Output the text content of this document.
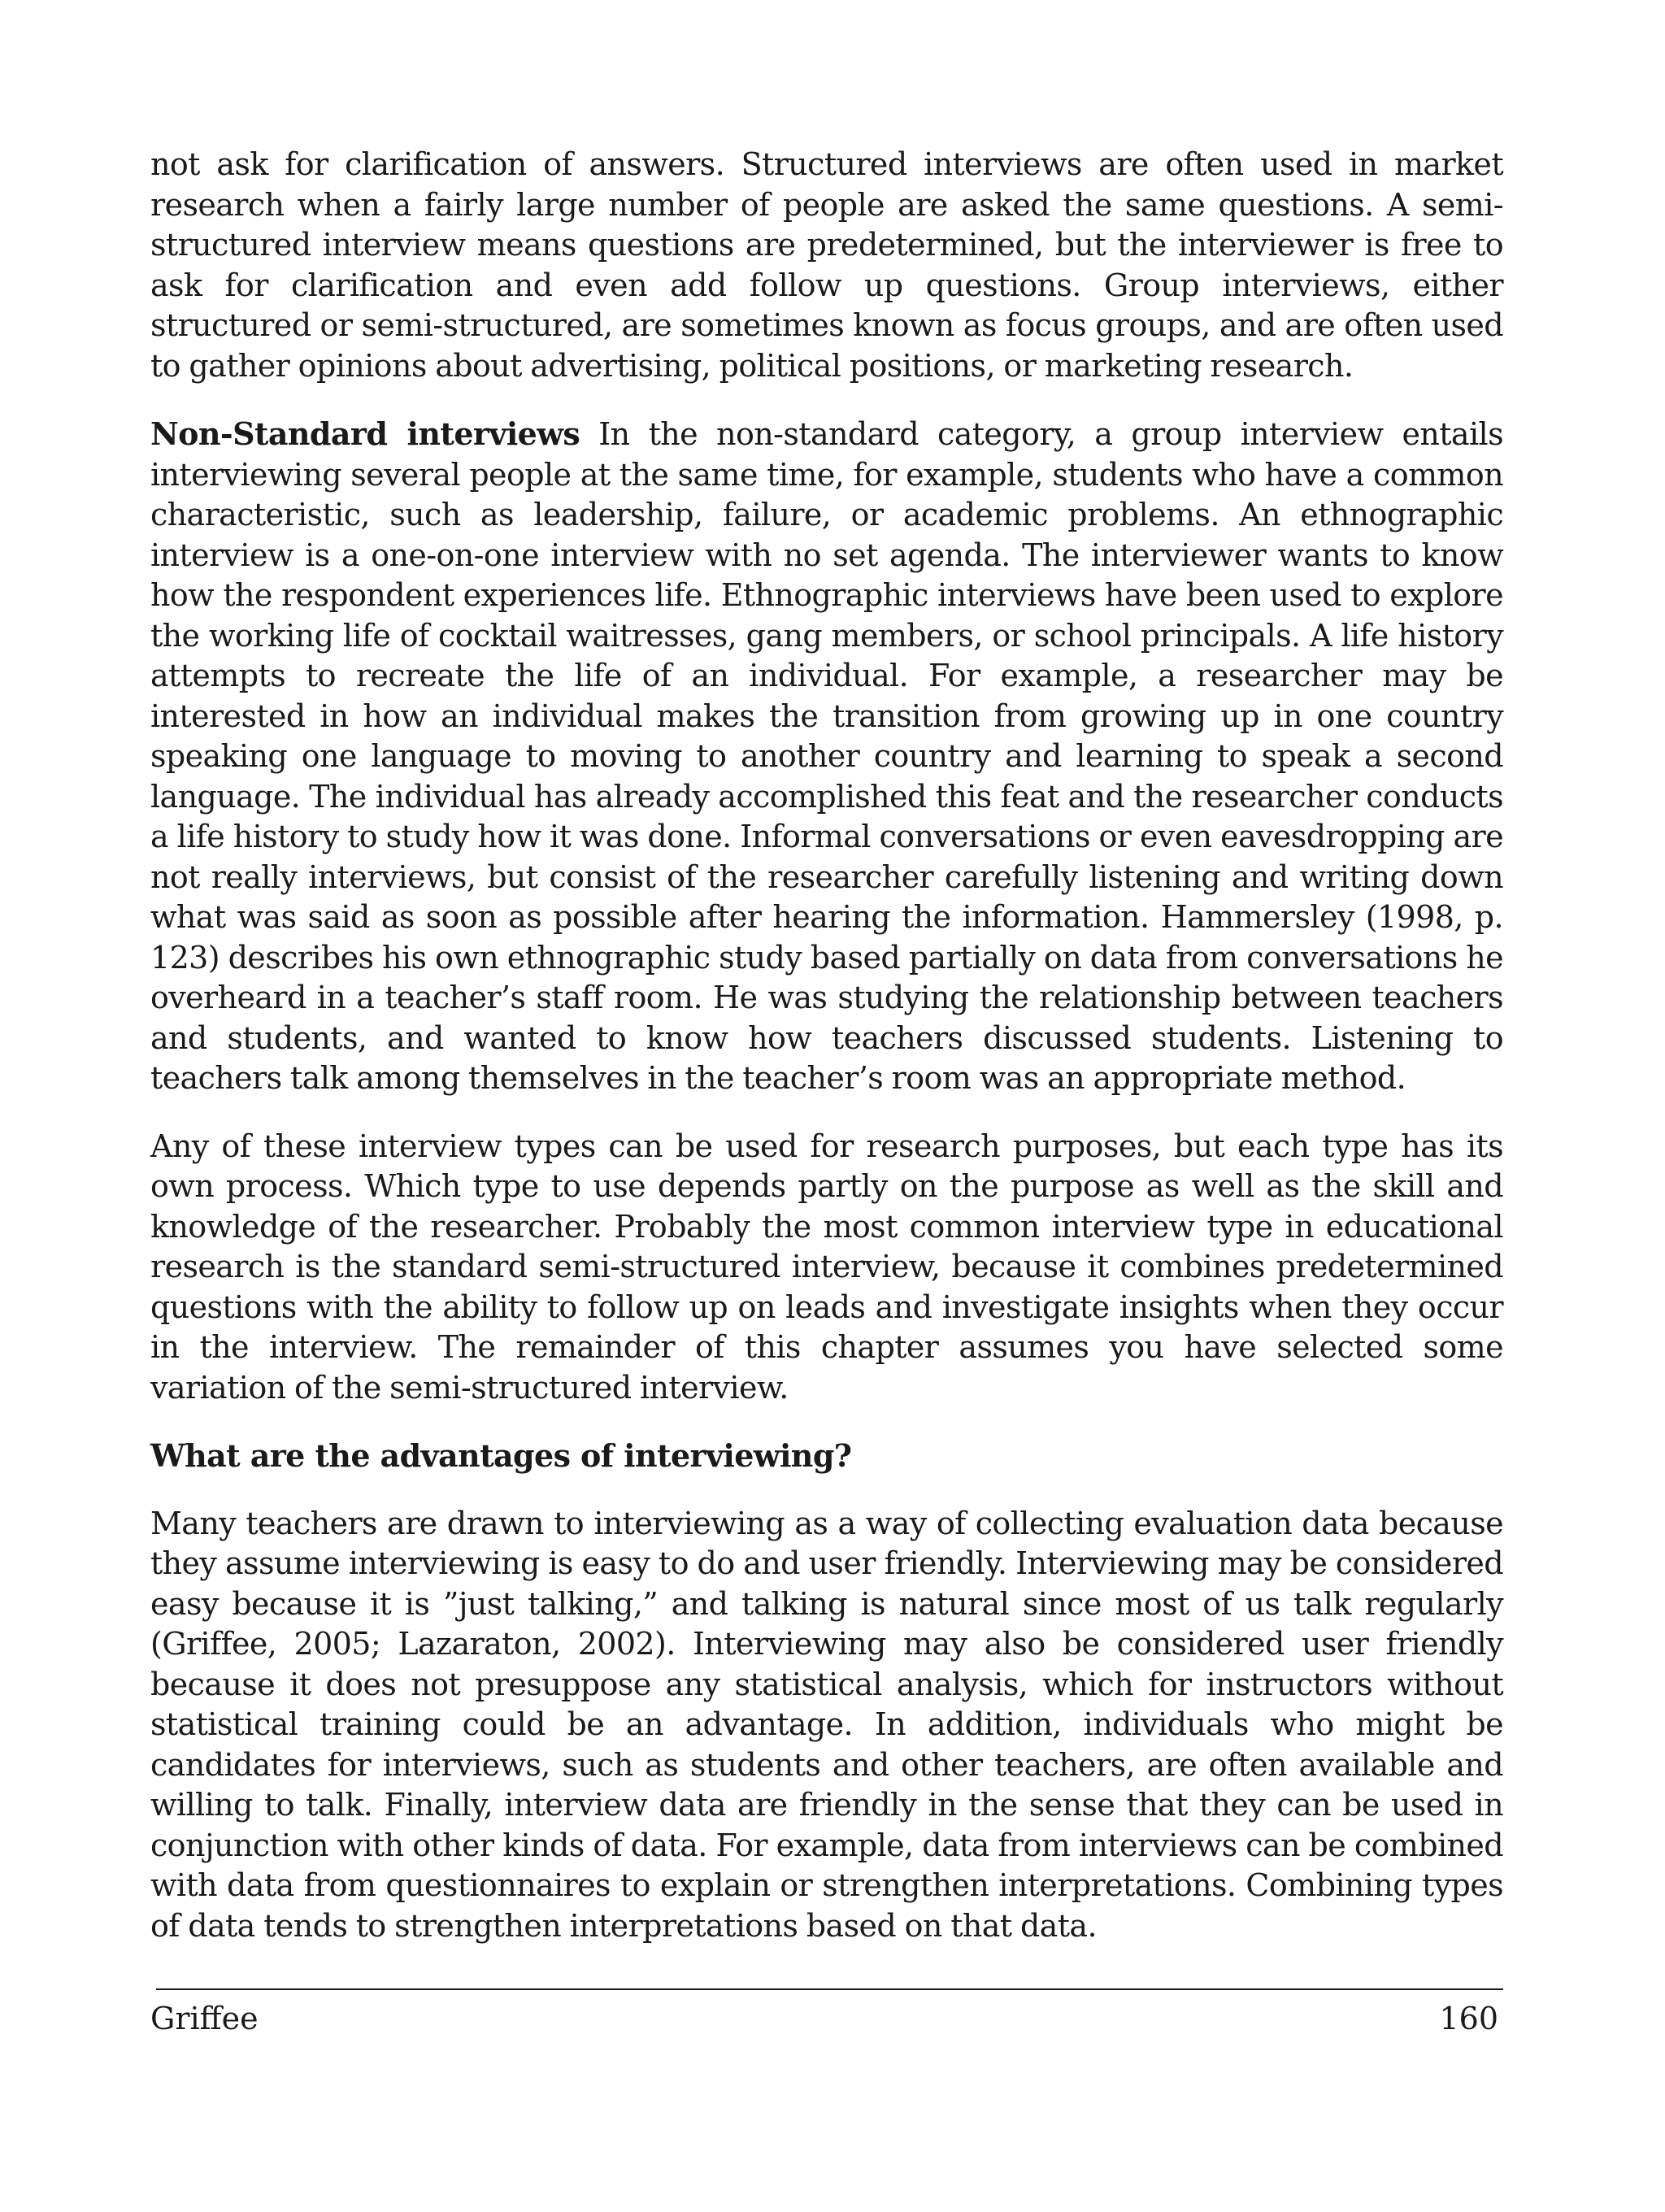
not ask for clarification of answers. Structured interviews are often used in market research when a fairly large number of people are asked the same questions. A semi-structured interview means questions are predetermined, but the interviewer is free to ask for clarification and even add follow up questions. Group interviews, either structured or semi-structured, are sometimes known as focus groups, and are often used to gather opinions about advertising, political positions, or marketing research.

Non-Standard interviews In the non-standard category, a group interview entails interviewing several people at the same time, for example, students who have a common characteristic, such as leadership, failure, or academic problems. An ethnographic interview is a one-on-one interview with no set agenda. The interviewer wants to know how the respondent experiences life. Ethnographic interviews have been used to explore the working life of cocktail waitresses, gang members, or school principals. A life history attempts to recreate the life of an individual. For example, a researcher may be interested in how an individual makes the transition from growing up in one country speaking one language to moving to another country and learning to speak a second language. The individual has already accomplished this feat and the researcher conducts a life history to study how it was done. Informal conversations or even eavesdropping are not really interviews, but consist of the researcher carefully listening and writing down what was said as soon as possible after hearing the information. Hammersley (1998, p. 123) describes his own ethnographic study based partially on data from conversations he overheard in a teacher’s staff room. He was studying the relationship between teachers and students, and wanted to know how teachers discussed students. Listening to teachers talk among themselves in the teacher’s room was an appropriate method.

Any of these interview types can be used for research purposes, but each type has its own process. Which type to use depends partly on the purpose as well as the skill and knowledge of the researcher. Probably the most common interview type in educational research is the standard semi-structured interview, because it combines predetermined questions with the ability to follow up on leads and investigate insights when they occur in the interview. The remainder of this chapter assumes you have selected some variation of the semi-structured interview.

What are the advantages of interviewing?

Many teachers are drawn to interviewing as a way of collecting evaluation data because they assume interviewing is easy to do and user friendly. Interviewing may be considered easy because it is ”just talking,” and talking is natural since most of us talk regularly (Griffee, 2005; Lazaraton, 2002). Interviewing may also be considered user friendly because it does not presuppose any statistical analysis, which for instructors without statistical training could be an advantage. In addition, individuals who might be candidates for interviews, such as students and other teachers, are often available and willing to talk. Finally, interview data are friendly in the sense that they can be used in conjunction with other kinds of data. For example, data from interviews can be combined with data from questionnaires to explain or strengthen interpretations. Combining types of data tends to strengthen interpretations based on that data.

Griffee	160
